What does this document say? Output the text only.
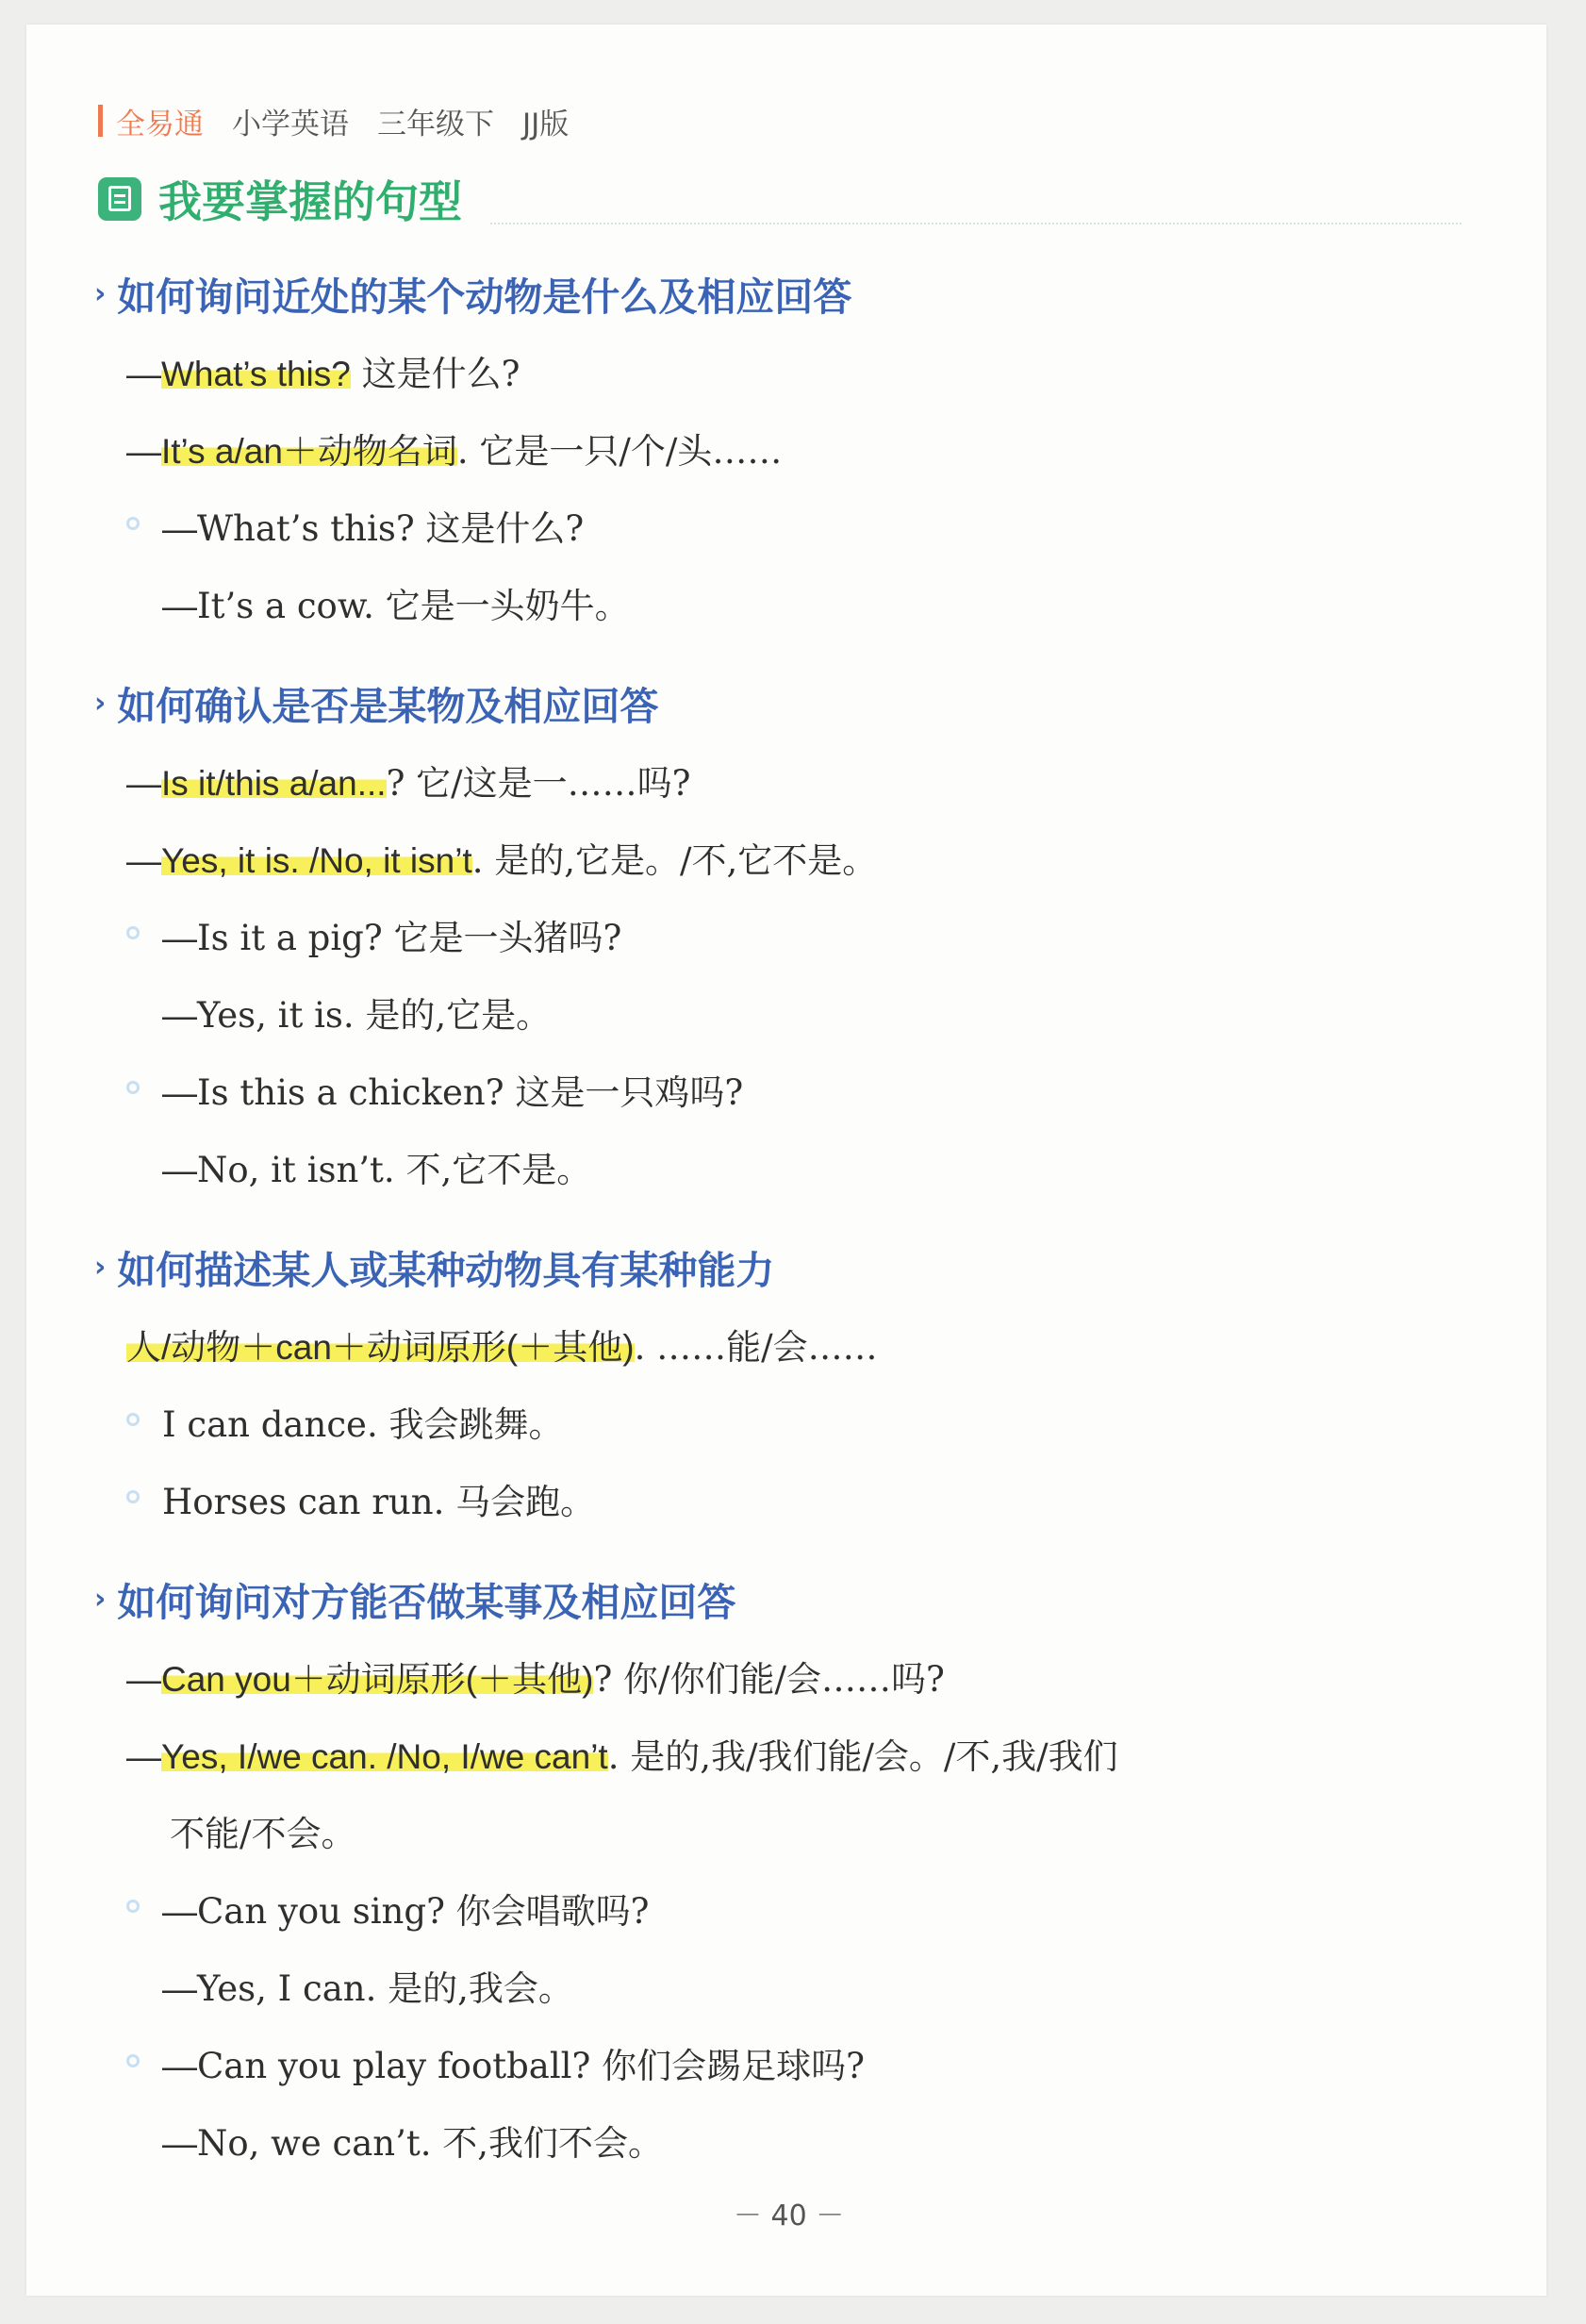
全易通 小学英语 三年级下 JJ版
我要掌握的句型
› 如何询问近处的某个动物是什么及相应回答
—What’s this? 这是什么?
—It’s a/an＋动物名词. 它是一只/个/头……
—What’s this? 这是什么?
—It’s a cow. 它是一头奶牛。
› 如何确认是否是某物及相应回答
—Is it/this a/an...? 它/这是一……吗?
—Yes, it is. /No, it isn’t. 是的,它是。/不,它不是。
—Is it a pig? 它是一头猪吗?
—Yes, it is. 是的,它是。
—Is this a chicken? 这是一只鸡吗?
—No, it isn’t. 不,它不是。
› 如何描述某人或某种动物具有某种能力
人/动物＋can＋动词原形(＋其他). ……能/会……
I can dance. 我会跳舞。
Horses can run. 马会跑。
› 如何询问对方能否做某事及相应回答
—Can you＋动词原形(＋其他)? 你/你们能/会……吗?
—Yes, I/we can. /No, I/we can’t. 是的,我/我们能/会。/不,我/我们
不能/不会。
—Can you sing? 你会唱歌吗?
—Yes, I can. 是的,我会。
—Can you play football? 你们会踢足球吗?
—No, we can’t. 不,我们不会。
－ 40 －
